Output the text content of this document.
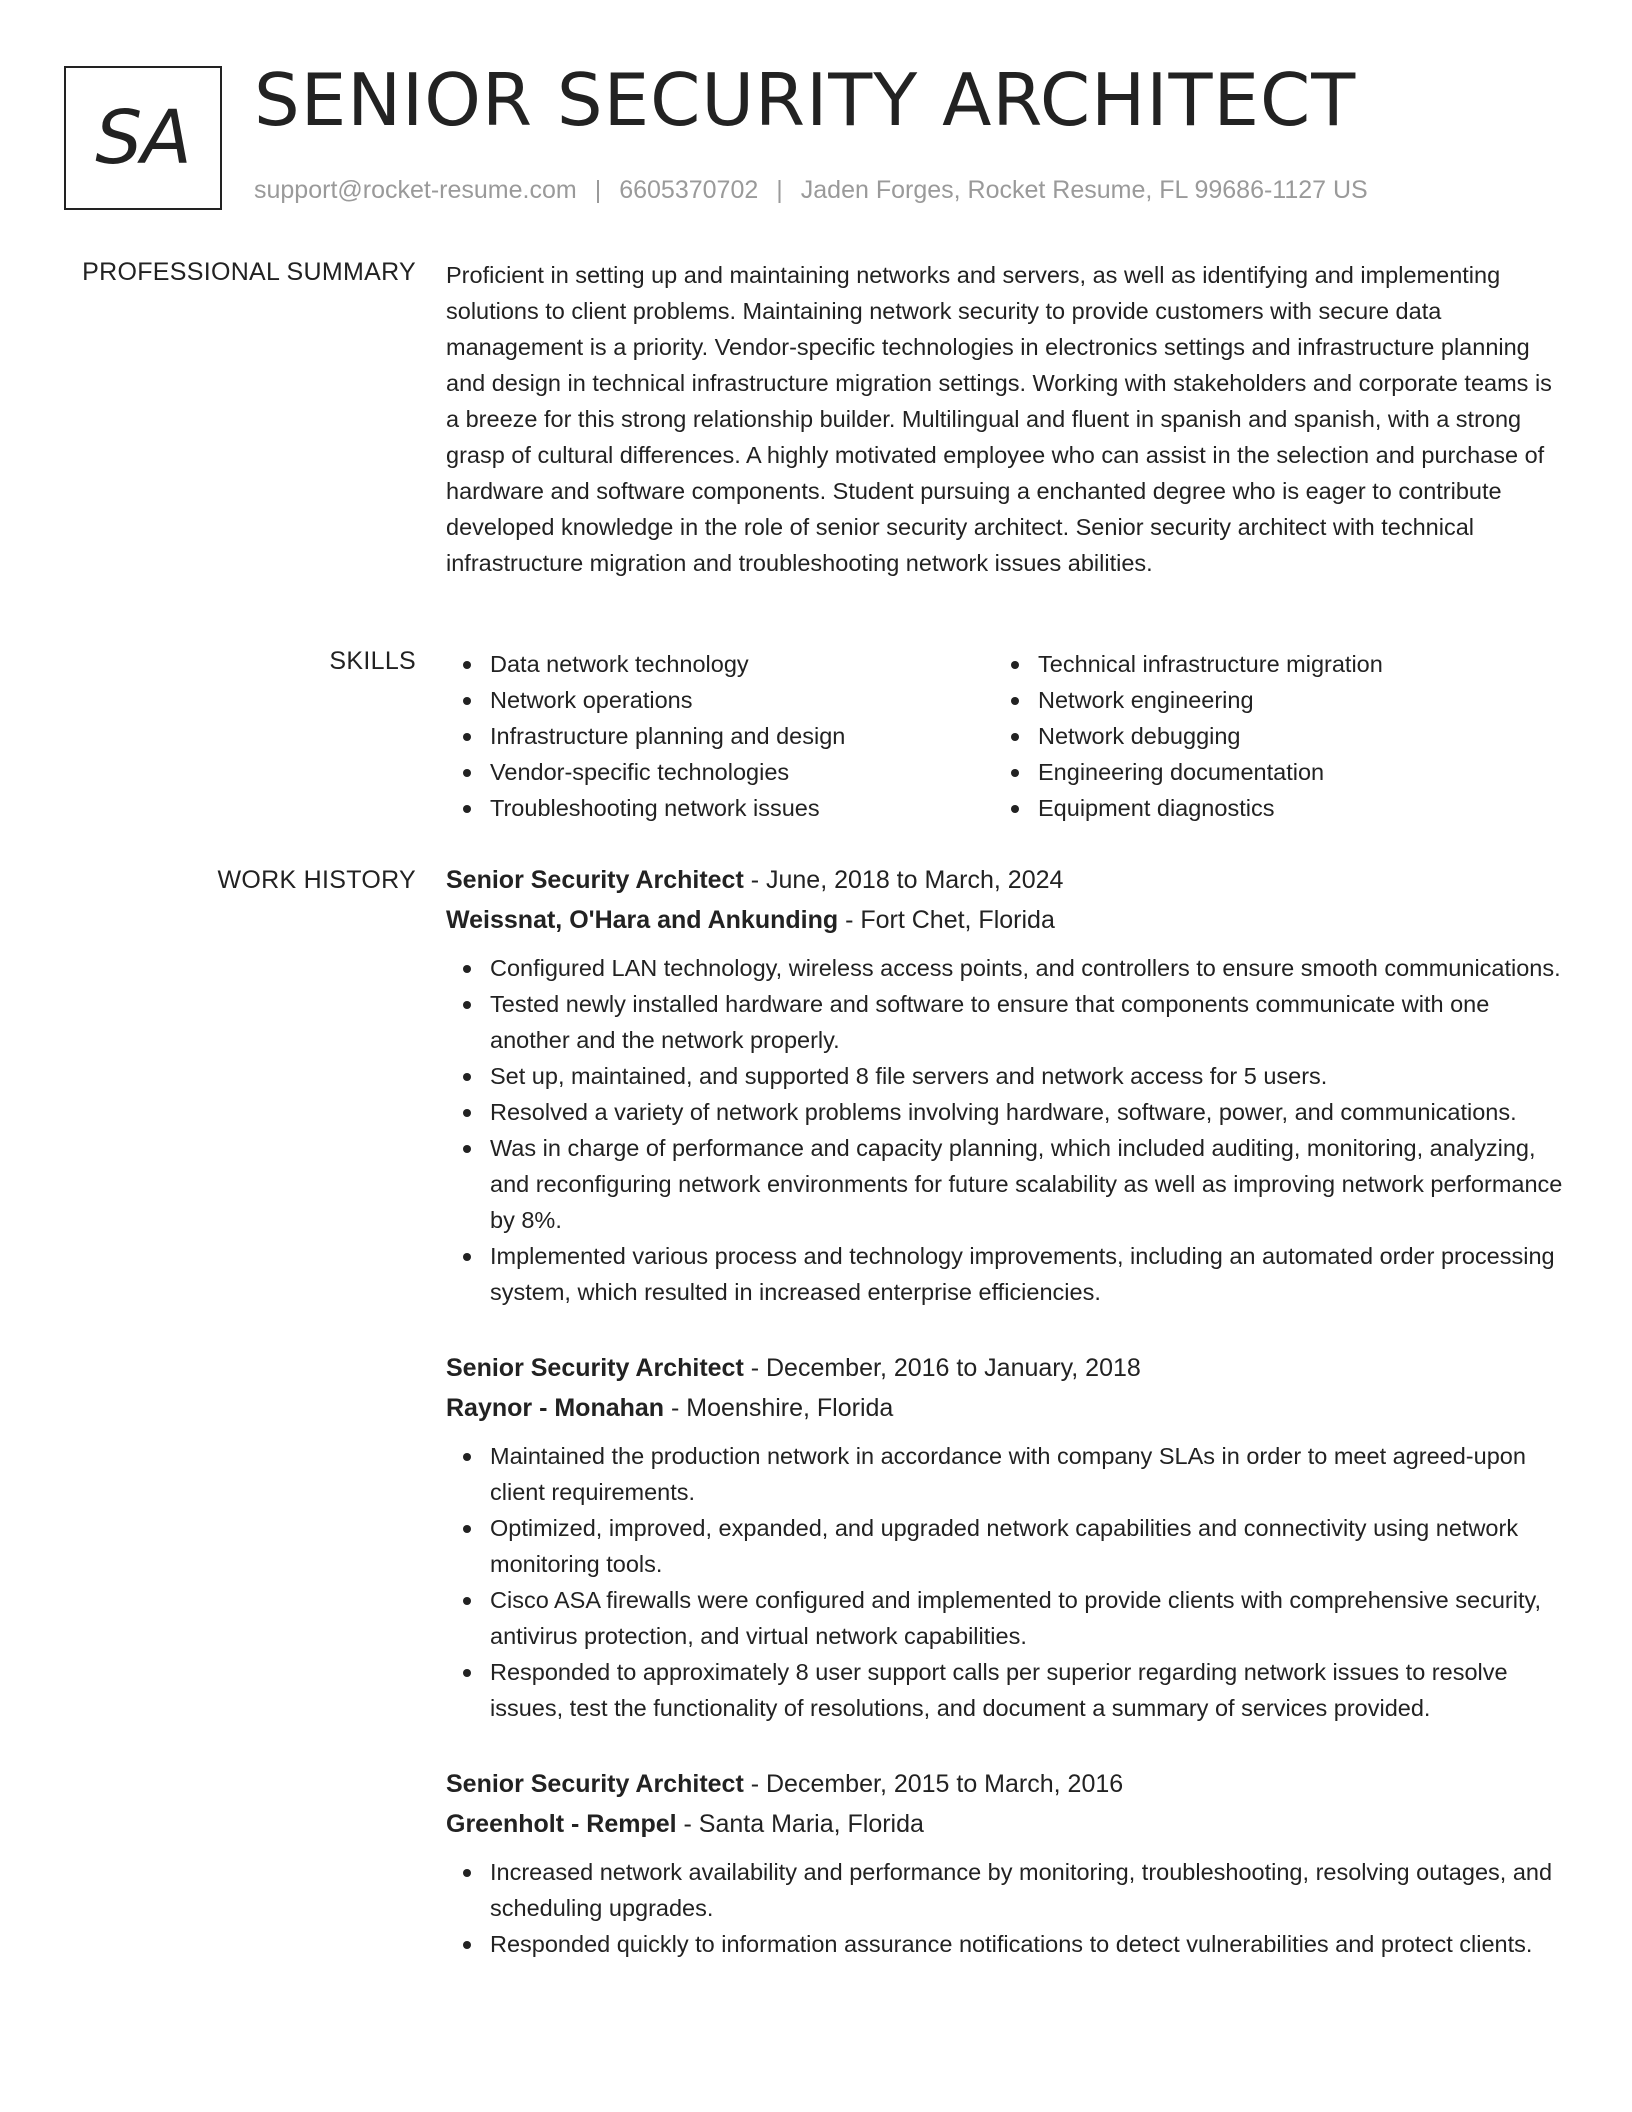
SA SENIOR SECURITY ARCHITECT
support@rocket-resume.com | 6605370702 | Jaden Forges, Rocket Resume, FL 99686-1127 US
PROFESSIONAL SUMMARY Proficient in setting up and maintaining networks and servers, as well as identifying and implementing solutions to client problems. Maintaining network security to provide customers with secure data management is a priority. Vendor-specific technologies in electronics settings and infrastructure planning and design in technical infrastructure migration settings. Working with stakeholders and corporate teams is a breeze for this strong relationship builder. Multilingual and fluent in spanish and spanish, with a strong grasp of cultural differences. A highly motivated employee who can assist in the selection and purchase of hardware and software components. Student pursuing a enchanted degree who is eager to contribute developed knowledge in the role of senior security architect. Senior security architect with technical infrastructure migration and troubleshooting network issues abilities.
SKILLS	Data network technology
Network operations
Infrastructure planning and design
Vendor-specific technologies
Troubleshooting network issues
Technical infrastructure migration
Network engineering
Network debugging
Engineering documentation
Equipment diagnostics
WORK HISTORY Senior Security Architect - June, 2018 to March, 2024
Weissnat, O'Hara and Ankunding - Fort Chet, Florida
Configured LAN technology, wireless access points, and controllers to ensure smooth communications.
Tested newly installed hardware and software to ensure that components communicate with one another and the network properly.
Set up, maintained, and supported 8 file servers and network access for 5 users.
Resolved a variety of network problems involving hardware, software, power, and communications.
Was in charge of performance and capacity planning, which included auditing, monitoring, analyzing, and reconfiguring network environments for future scalability as well as improving network performance by 8%.
Implemented various process and technology improvements, including an automated order processing system, which resulted in increased enterprise efficiencies.
Senior Security Architect - December, 2016 to January, 2018
Raynor - Monahan - Moenshire, Florida
Maintained the production network in accordance with company SLAs in order to meet agreed-upon client requirements.
Optimized, improved, expanded, and upgraded network capabilities and connectivity using network monitoring tools.
Cisco ASA firewalls were configured and implemented to provide clients with comprehensive security, antivirus protection, and virtual network capabilities.
Responded to approximately 8 user support calls per superior regarding network issues to resolve issues, test the functionality of resolutions, and document a summary of services provided.
Senior Security Architect - December, 2015 to March, 2016
Greenholt - Rempel - Santa Maria, Florida
Increased network availability and performance by monitoring, troubleshooting, resolving outages, and scheduling upgrades.
Responded quickly to information assurance notifications to detect vulnerabilities and protect clients.
